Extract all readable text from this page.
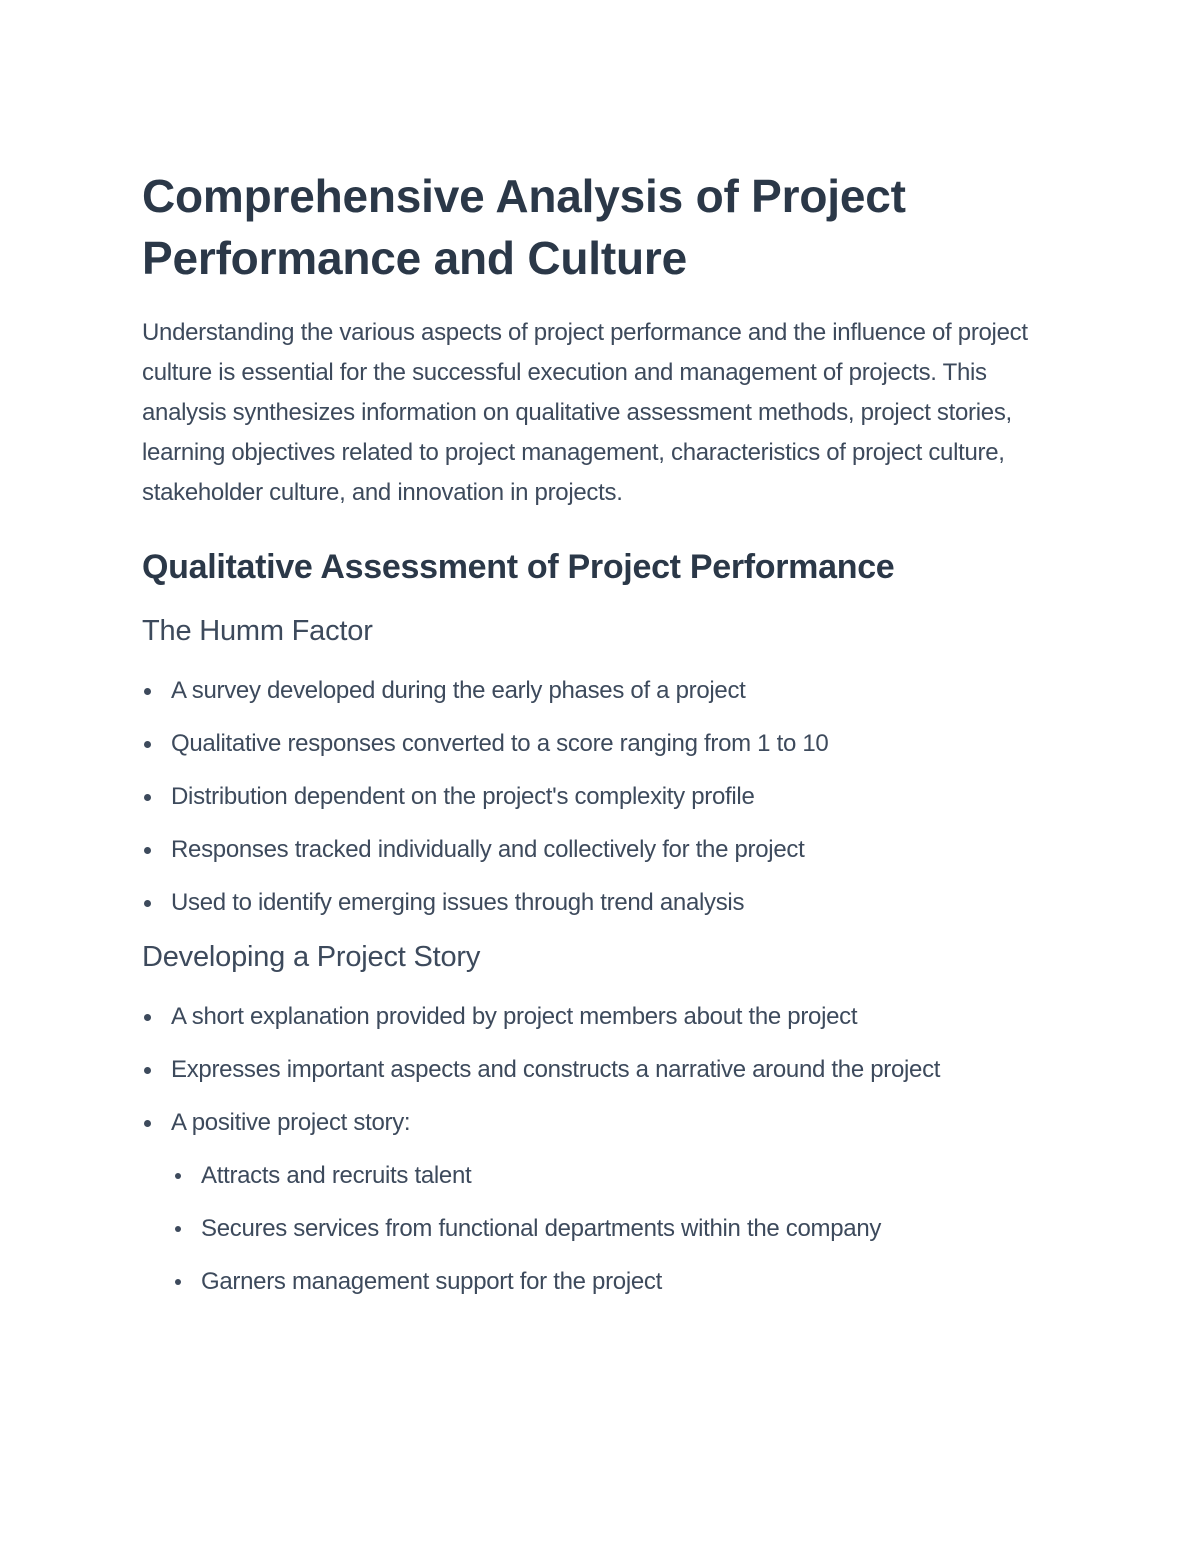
Comprehensive Analysis of Project Performance and Culture

Understanding the various aspects of project performance and the influence of project culture is essential for the successful execution and management of projects. This analysis synthesizes information on qualitative assessment methods, project stories, learning objectives related to project management, characteristics of project culture, stakeholder culture, and innovation in projects.

Qualitative Assessment of Project Performance
The Humm Factor
A survey developed during the early phases of a project
Qualitative responses converted to a score ranging from 1 to 10
Distribution dependent on the project's complexity profile
Responses tracked individually and collectively for the project
Used to identify emerging issues through trend analysis
Developing a Project Story
A short explanation provided by project members about the project
Expresses important aspects and constructs a narrative around the project
A positive project story:
Attracts and recruits talent
Secures services from functional departments within the company
Garners management support for the project
